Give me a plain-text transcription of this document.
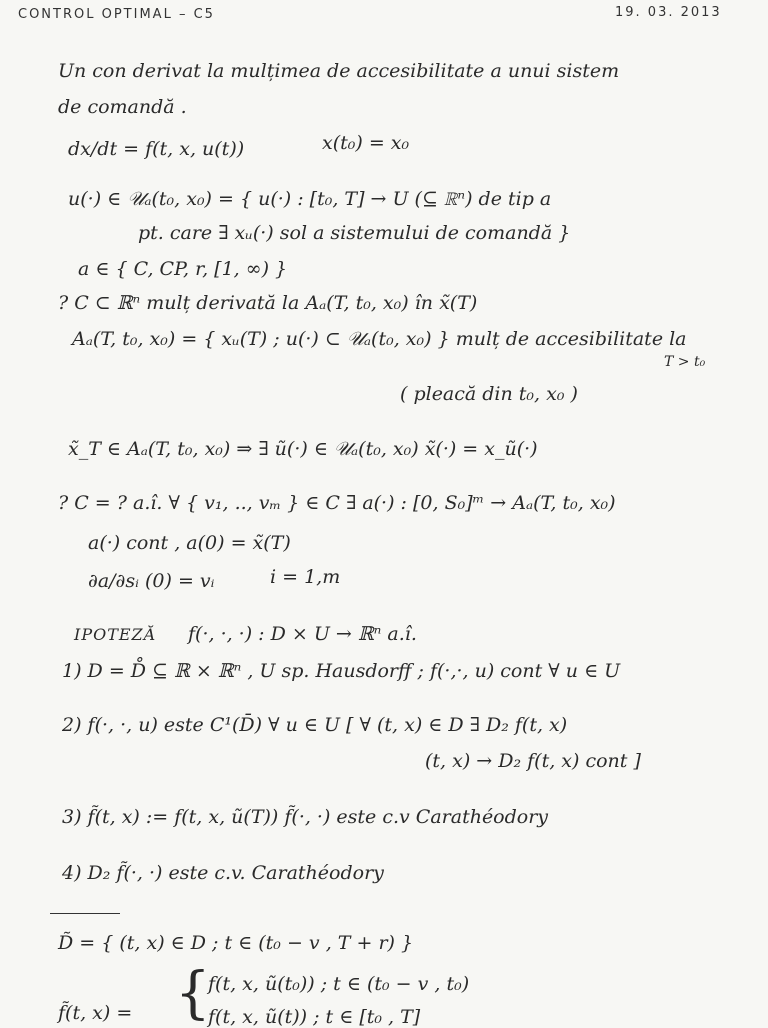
CONTROL OPTIMAL – C5	19. 03. 2013
Un con derivat la mulțimea de accesibilitate a unui sistem
de comandă .
dx/dt = f(t, x, u(t))	x(t₀) = x₀
u(·) ∈ 𝒰ₐ(t₀, x₀) = { u(·) : [t₀, T] → U (⊆ ℝⁿ) de tip a
pt. care ∃ xᵤ(·) sol a sistemului de comandă }
a ∈ { C, CP, r, [1, ∞) }
? C ⊂ ℝⁿ mulț derivată la Aₐ(T, t₀, x₀) în x̃(T)
Aₐ(T, t₀, x₀) = { xᵤ(T) ; u(·) ⊂ 𝒰ₐ(t₀, x₀) } mulț de accesibilitate la
T > t₀
( pleacă din t₀, x₀ )
x̃_T ∈ Aₐ(T, t₀, x₀) ⇒ ∃ ũ(·) ∈ 𝒰ₐ(t₀, x₀) x̃(·) = x_ũ(·)
? C = ? a.î. ∀ { v₁, .., vₘ } ∈ C ∃ a(·) : [0, S₀]ᵐ → Aₐ(T, t₀, x₀)
a(·) cont , a(0) = x̃(T)
∂a/∂sᵢ (0) = vᵢ	i = 1,m
IPOTEZĂ f(·, ·, ·) : D × U → ℝⁿ a.î.
1) D = D̊ ⊆ ℝ × ℝⁿ , U sp. Hausdorff ; f(·,·, u) cont ∀ u ∈ U
2) f(·, ·, u) este C¹(D̄) ∀ u ∈ U [ ∀ (t, x) ∈ D ∃ D₂ f(t, x)
(t, x) → D₂ f(t, x) cont ]
3) f̃(t, x) := f(t, x, ũ(T)) f̃(·, ·) este c.v Carathéodory
4) D₂ f̃(·, ·) este c.v. Carathéodory
D̃ = { (t, x) ∈ D ; t ∈ (t₀ − v , T + r) }
f̃(t, x) = {
f(t, x, ũ(t₀)) ; t ∈ (t₀ − v , t₀)
f(t, x, ũ(t)) ; t ∈ [t₀ , T]
